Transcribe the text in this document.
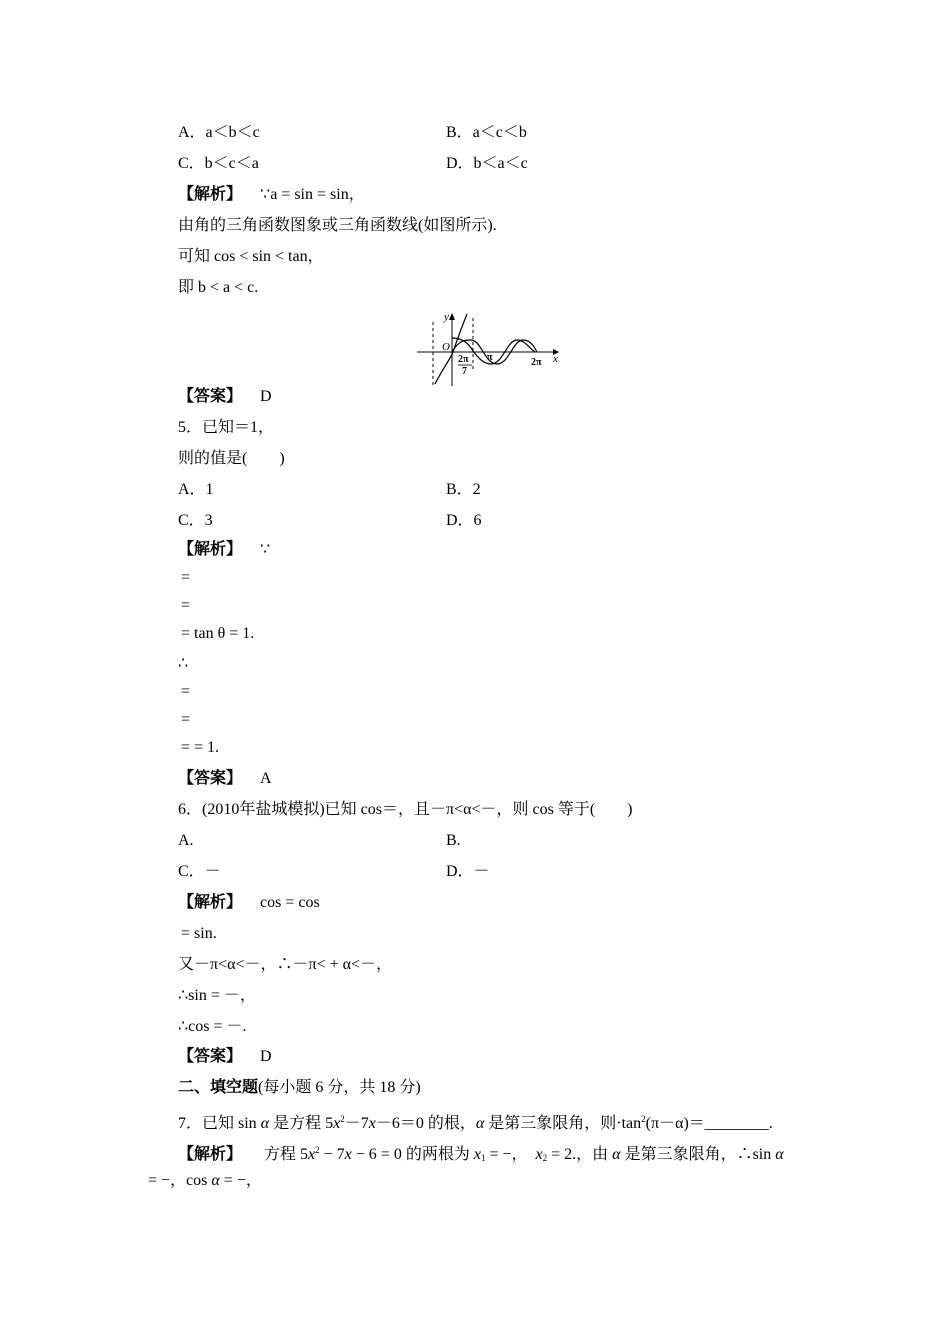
A．a＜b＜c	B．a＜c＜b
C．b＜c＜a	D．b＜a＜c
【解析】 ∵a = sin = sin，
由角的三角函数图象或三角函数线(如图所示).
可知 cos < sin < tan，
即 b < a < c.
y
x
O
2π
7
π	2π
【答案】 D
5．已知＝1，
则的值是(　　)
A．1	B．2
C．3	D．6
【解析】 ∵
=
=
= tan θ = 1.
∴
=
=
= = 1.
【答案】 A
6．(2010年盐城模拟)已知 cos＝，且－π<α<－，则 cos 等于(　　)
A.	B.
C．－	D．－
【解析】 cos = cos
= sin.
又－π<α<－，∴－π< + α<－，
∴sin = －，
∴cos = －.
【答案】 D
二、填空题(每小题 6 分，共 18 分)
7．已知 sin α 是方程 $5x^2-7x-6=0$ 的根，α 是第三象限角，则$\cdot\tan^2(\pi-\alpha)=\_\_\_\_\_\_\_\_$.
【解析】 方程 $5x^2 - 7x - 6 = 0$ 的两根为 $x_1$ = −， $x_2 = 2$.，由 α 是第三象限角，∴sin α
= −，cos α = −，
